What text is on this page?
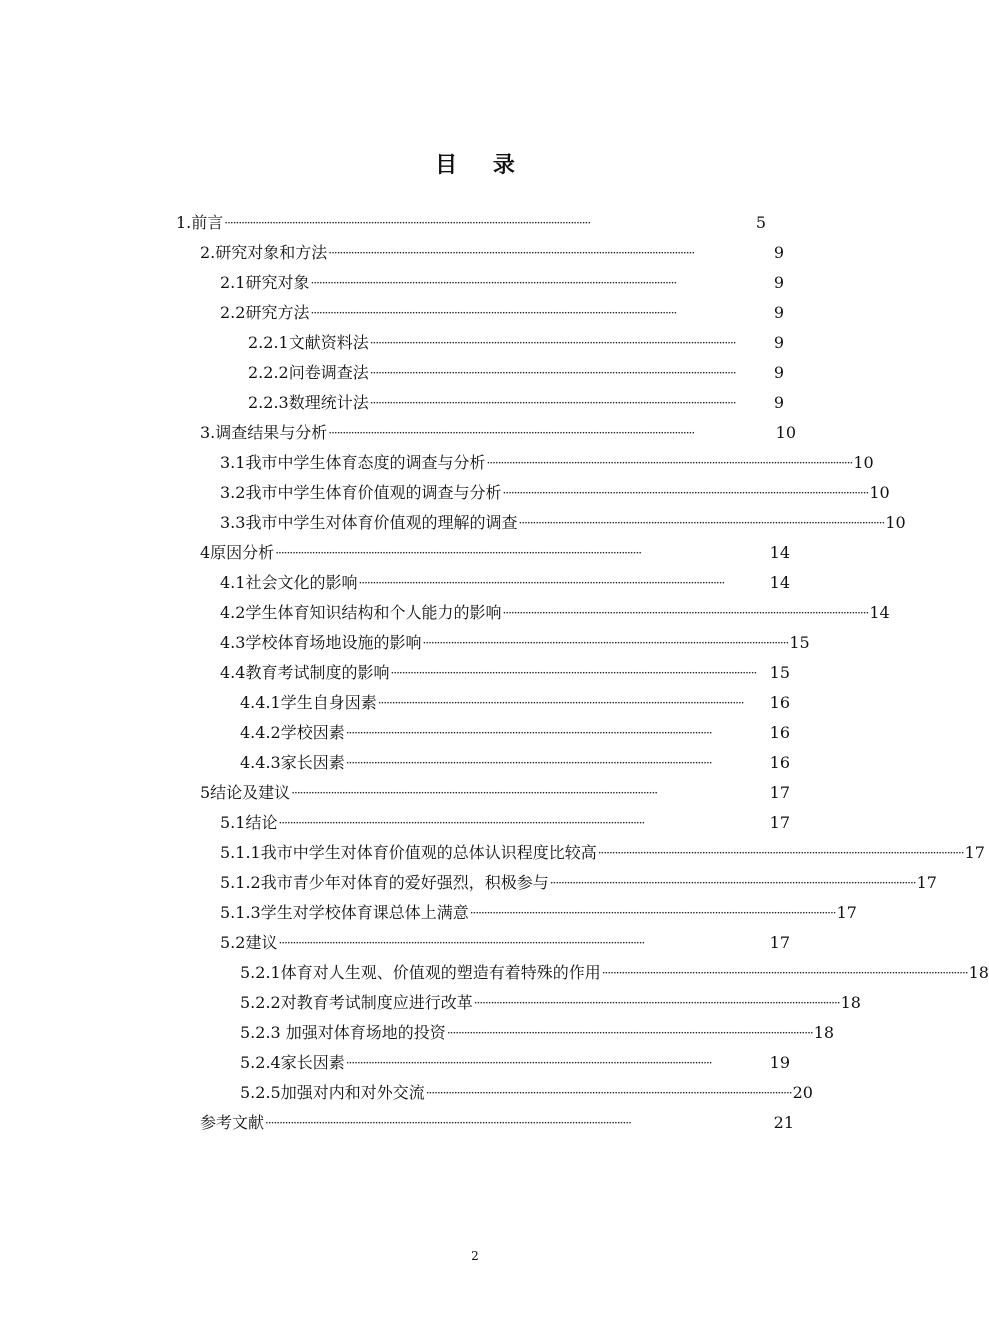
目 录
1.前言 ··································································································································	5
2.研究对象和方法 ··································································································································	9
2.1研究对象 ··································································································································	9
2.2研究方法 ··································································································································	9
2.2.1文献资料法 ··································································································································	9
2.2.2问卷调查法 ··································································································································	9
2.2.3数理统计法 ··································································································································	9
3.调查结果与分析 ··································································································································	10
3.1我市中学生体育态度的调查与分析 ·································································································································· 10
3.2我市中学生体育价值观的调查与分析 ·································································································································· 10
3.3我市中学生对体育价值观的理解的调查 ·································································································································· 10
4原因分析 ··································································································································	14
4.1社会文化的影响 ··································································································································	14
4.2学生体育知识结构和个人能力的影响 ·································································································································· 14
4.3学校体育场地设施的影响 ·································································································································· 15
4.4教育考试制度的影响 ·································································································································· 15
4.4.1学生自身因素 ··································································································································	16
4.4.2学校因素 ··································································································································	16
4.4.3家长因素 ··································································································································	16
5结论及建议 ··································································································································	17
5.1结论 ··································································································································	17
5.1.1我市中学生对体育价值观的总体认识程度比较高 ·································································································································· 17
5.1.2我市青少年对体育的爱好强烈，积极参与 ·································································································································· 17
5.1.3学生对学校体育课总体上满意 ·································································································································· 17
5.2建议 ··································································································································	17
5.2.1体育对人生观、价值观的塑造有着特殊的作用 ·································································································································· 18
5.2.2对教育考试制度应进行改革 ·································································································································· 18
5.2.3 加强对体育场地的投资 ·································································································································· 18
5.2.4家长因素 ··································································································································	19
5.2.5加强对内和对外交流 ·································································································································· 20
参考文献 ··································································································································	21
2
